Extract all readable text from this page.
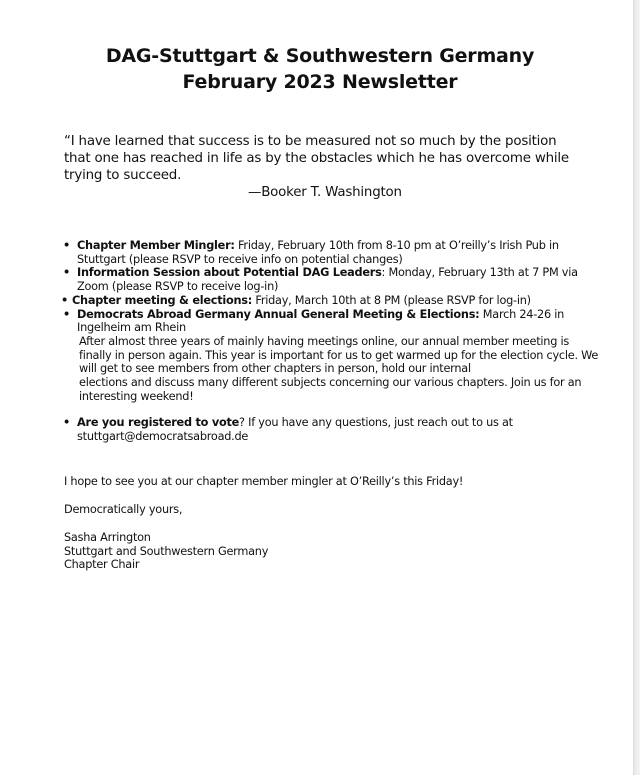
DAG-Stuttgart & Southwestern Germany
February 2023 Newsletter
“I have learned that success is to be measured not so much by the position that one has reached in life as by the obstacles which he has overcome while trying to succeed.
—Booker T. Washington
• Chapter Member Mingler: Friday, February 10th from 8-10 pm at O’reilly’s Irish Pub in Stuttgart (please RSVP to receive info on potential changes)
• Information Session about Potential DAG Leaders: Monday, February 13th at 7 PM via Zoom (please RSVP to receive log-in)
• Chapter meeting & elections: Friday, March 10th at 8 PM (please RSVP for log-in)
• Democrats Abroad Germany Annual General Meeting & Elections: March 24-26 in Ingelheim am Rhein
After almost three years of mainly having meetings online, our annual member meeting is finally in person again. This year is important for us to get warmed up for the election cycle. We will get to see members from other chapters in person, hold our internal
elections and discuss many different subjects concerning our various chapters. Join us for an interesting weekend!
• Are you registered to vote? If you have any questions, just reach out to us at stuttgart@democratsabroad.de
I hope to see you at our chapter member mingler at O’Reilly’s this Friday!
Democratically yours,
Sasha Arrington
Stuttgart and Southwestern Germany
Chapter Chair
